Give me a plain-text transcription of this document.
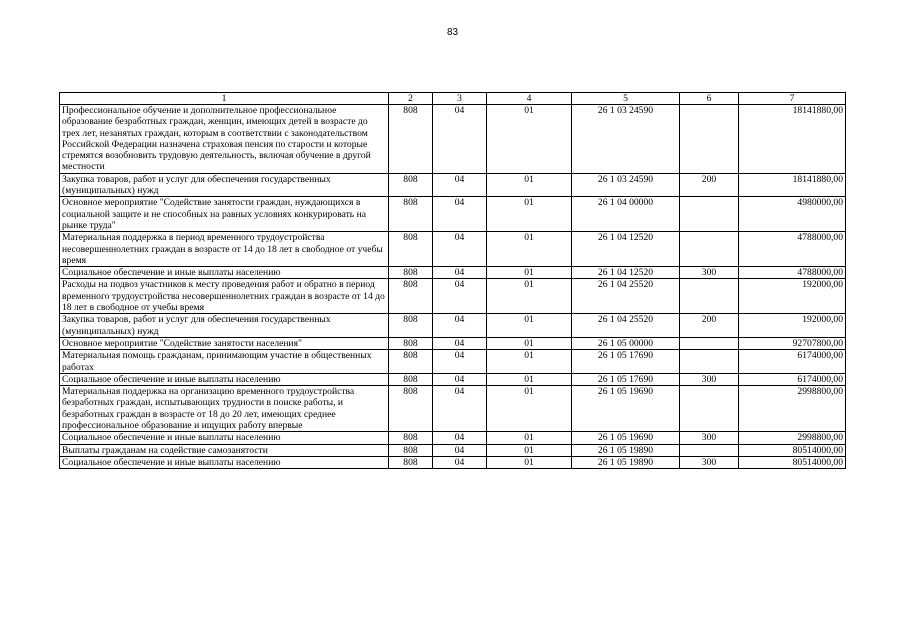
83
1	2	3	4	5	6	7
Профессиональное обучение и дополнительное профессиональное образование безработных граждан, женщин, имеющих детей в возрасте до трех лет, незанятых граждан, которым в соответствии с законодательством Российской Федерации назначена страховая пенсия по старости и которые стремятся возобновить трудовую деятельность, включая обучение в другой местности	808	04	01	26 1 03 24590		18141880,00
Закупка товаров, работ и услуг для обеспечения государственных (муниципальных) нужд	808	04	01	26 1 03 24590	200	18141880,00
Основное мероприятие "Содействие занятости граждан, нуждающихся в социальной защите и не способных на равных условиях конкурировать на рынке труда"	808	04	01	26 1 04 00000		4980000,00
Материальная поддержка в период временного трудоустройства несовершеннолетних граждан в возрасте от 14 до 18 лет в свободное от учебы время	808	04	01	26 1 04 12520		4788000,00
Социальное обеспечение и иные выплаты населению	808	04	01	26 1 04 12520	300	4788000,00
Расходы на подвоз участников к месту проведения работ и обратно в период временного трудоустройства несовершеннолетних граждан в возрасте от 14 до 18 лет в свободное от учебы время	808	04	01	26 1 04 25520		192000,00
Закупка товаров, работ и услуг для обеспечения государственных (муниципальных) нужд	808	04	01	26 1 04 25520	200	192000,00
Основное мероприятие "Содействие занятости населения"	808	04	01	26 1 05 00000		92707800,00
Материальная помощь гражданам, принимающим участие в общественных работах	808	04	01	26 1 05 17690		6174000,00
Социальное обеспечение и иные выплаты населению	808	04	01	26 1 05 17690	300	6174000,00
Материальная поддержка на организацию временного трудоустройства безработных граждан, испытывающих трудности в поиске работы, и безработных граждан в возрасте от 18 до 20 лет, имеющих среднее профессиональное образование и ищущих работу впервые	808	04	01	26 1 05 19690		2998800,00
Социальное обеспечение и иные выплаты населению	808	04	01	26 1 05 19690	300	2998800,00
Выплаты гражданам на содействие самозанятости	808	04	01	26 1 05 19890		80514000,00
Социальное обеспечение и иные выплаты населению	808	04	01	26 1 05 19890	300	80514000,00
